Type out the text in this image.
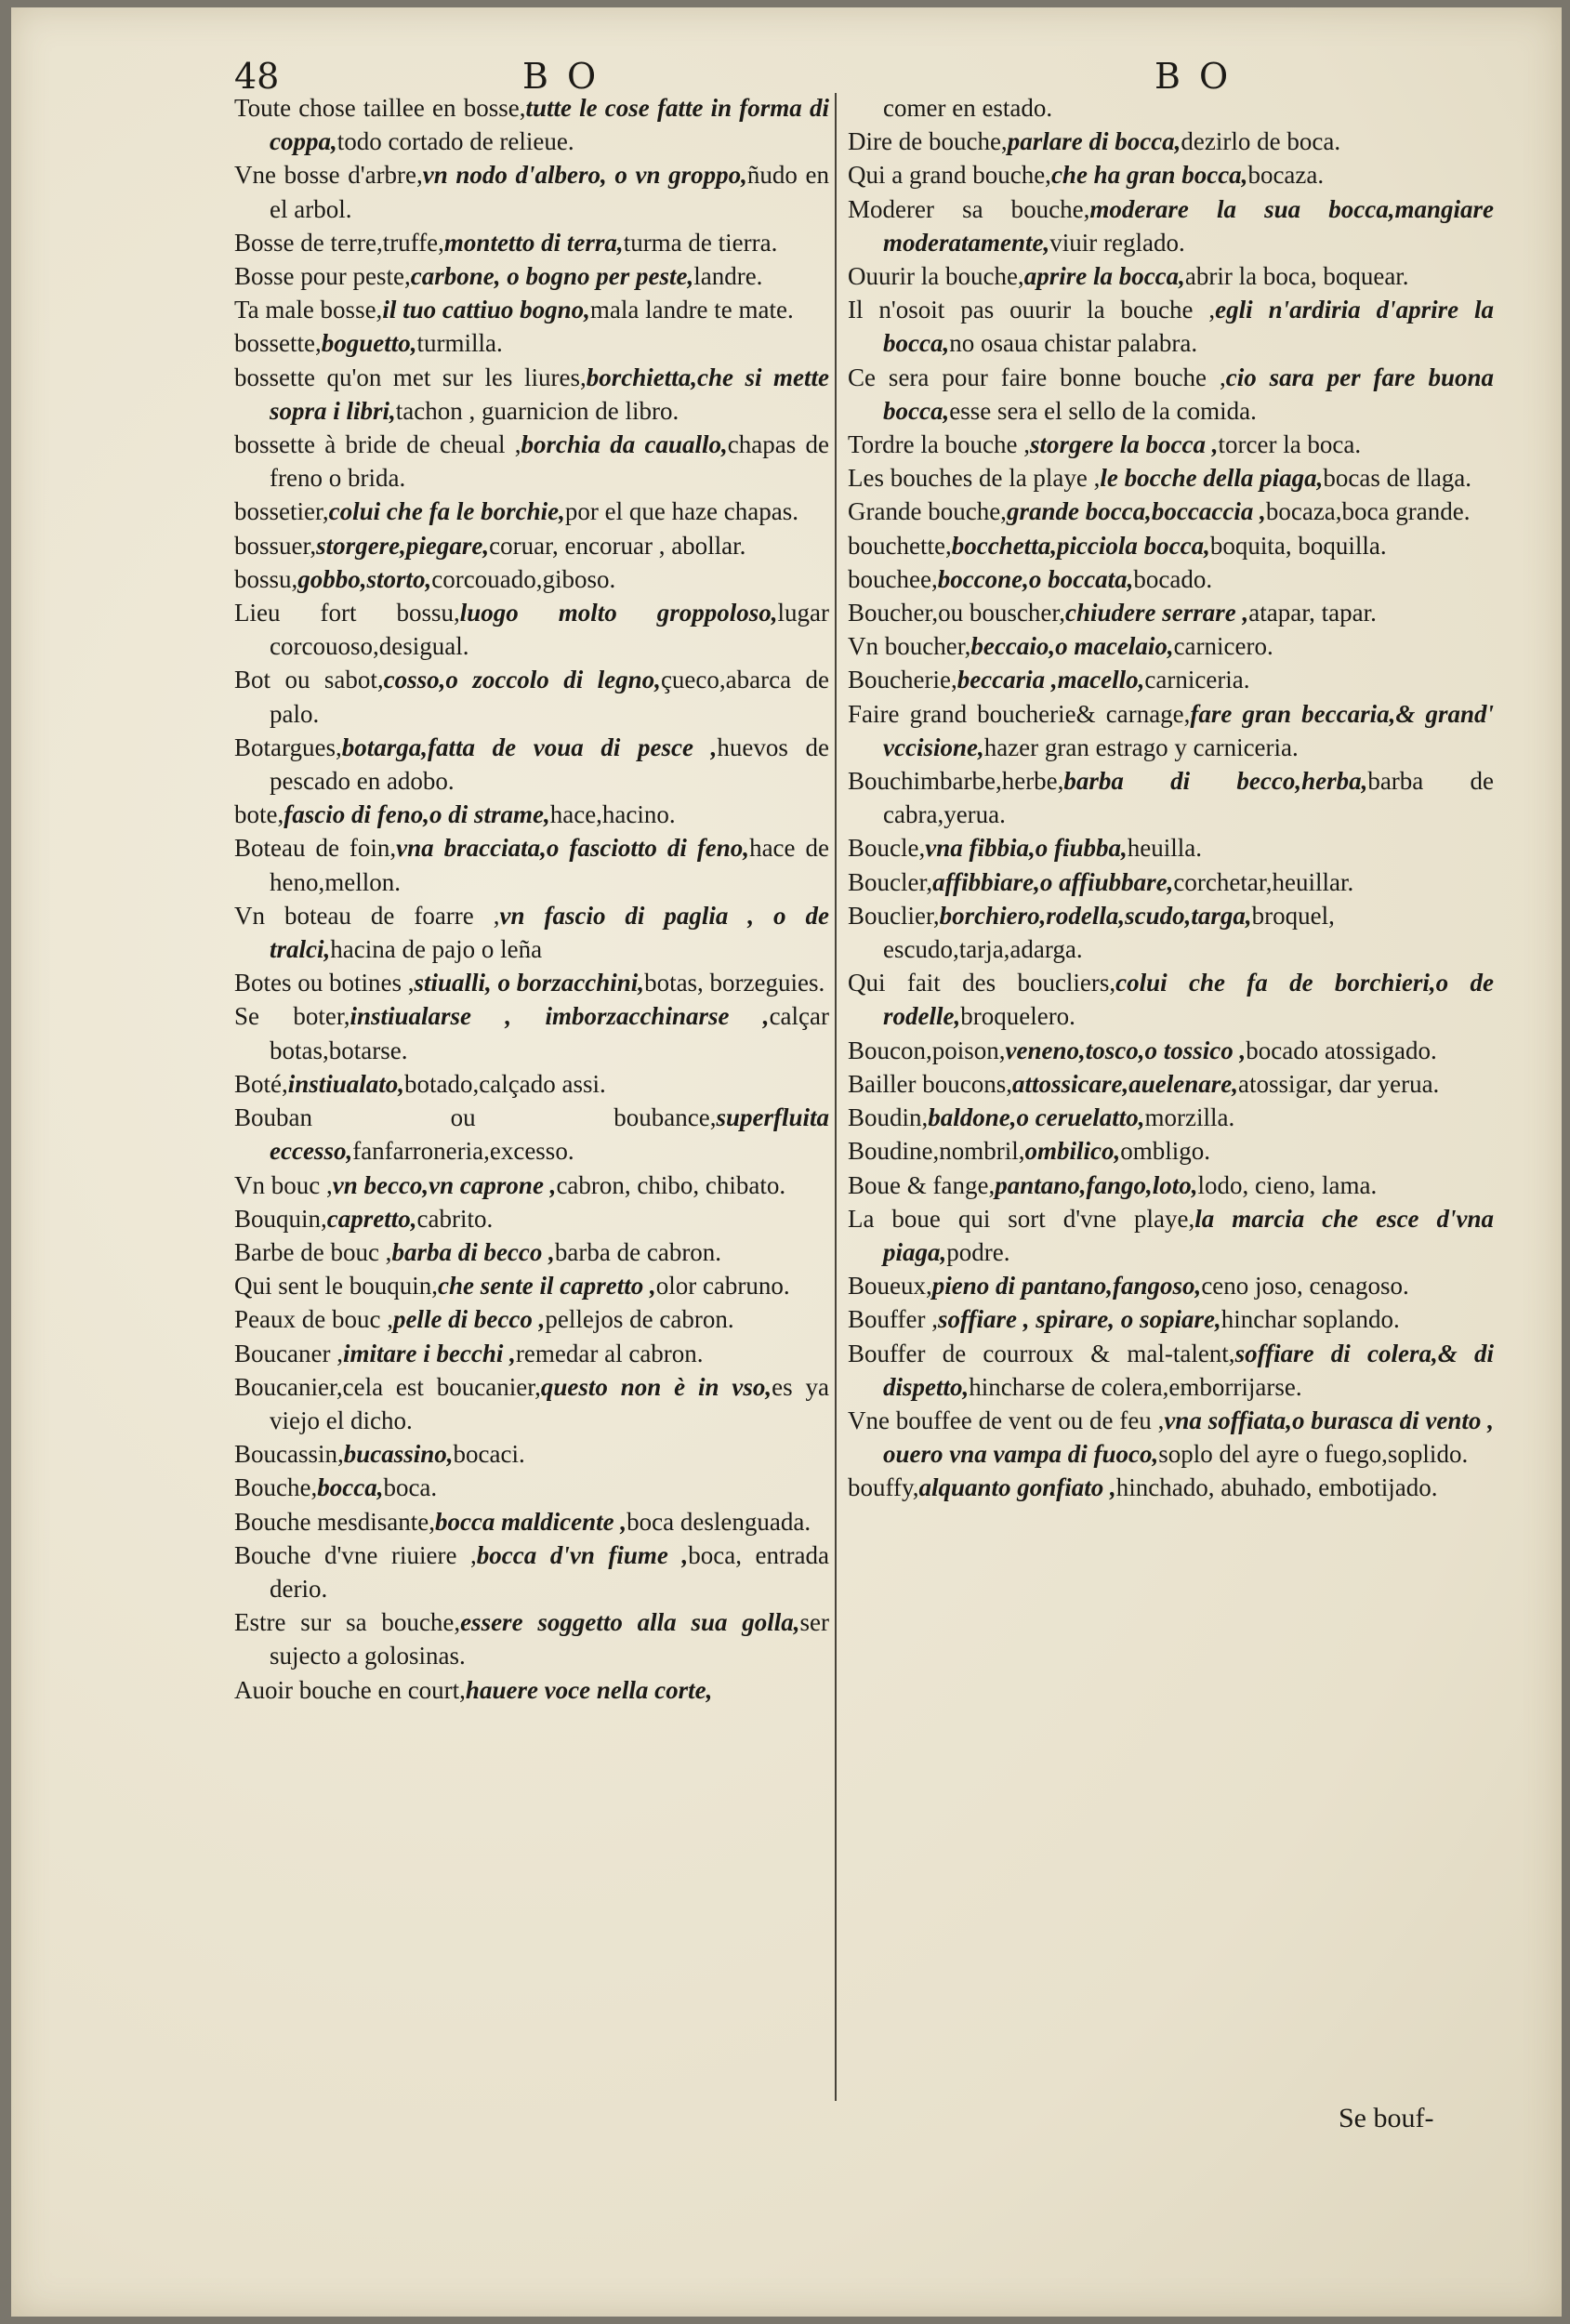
48	B O	B O

Toute chose taillee en bosse,tutte le cose fatte in forma di coppa,todo cortado de relieue.

Vne bosse d'arbre,vn nodo d'albero, o vn groppo,ñudo en el arbol.

Bosse de terre,truffe,montetto di terra,turma de tierra.

Bosse pour peste,carbone, o bogno per peste,landre.

Ta male bosse,il tuo cattiuo bogno,mala landre te mate.

bossette,boguetto,turmilla.

bossette qu'on met sur les liures,borchietta,che si mette sopra i libri,tachon , guarnicion de libro.

bossette à bride de cheual ,borchia da cauallo,chapas de freno o brida.

bossetier,colui che fa le borchie,por el que haze chapas.

bossuer,storgere,piegare,coruar, encoruar , abollar.

bossu,gobbo,storto,corcouado,giboso.

Lieu fort bossu,luogo molto groppoloso,lugar corcouoso,desigual.

Bot ou sabot,cosso,o zoccolo di legno,çueco,abarca de palo.

Botargues,botarga,fatta de voua di pesce ,huevos de pescado en adobo.

bote,fascio di feno,o di strame,hace,hacino.

Boteau de foin,vna bracciata,o fasciotto di feno,hace de heno,mellon.

Vn boteau de foarre ,vn fascio di paglia , o de tralci,hacina de pajo o leña

Botes ou botines ,stiualli, o borzacchini,botas, borzeguies.

Se boter,instiualarse , imborzacchinarse ,calçar botas,botarse.

Boté,instiualato,botado,calçado assi.

Bouban ou boubance,superfluita eccesso,fanfarroneria,excesso.

Vn bouc ,vn becco,vn caprone ,cabron, chibo, chibato.

Bouquin,capretto,cabrito.

Barbe de bouc ,barba di becco ,barba de cabron.

Qui sent le bouquin,che sente il capretto ,olor cabruno.

Peaux de bouc ,pelle di becco ,pellejos de cabron.

Boucaner ,imitare i becchi ,remedar al cabron.

Boucanier,cela est boucanier,questo non è in vso,es ya viejo el dicho.

Boucassin,bucassino,bocaci.

Bouche,bocca,boca.

Bouche mesdisante,bocca maldicente ,boca deslenguada.

Bouche d'vne riuiere ,bocca d'vn fiume ,boca, entrada derio.

Estre sur sa bouche,essere soggetto alla sua golla,ser sujecto a golosinas.

Auoir bouche en court,hauere voce nella corte,

comer en estado.

Dire de bouche,parlare di bocca,dezirlo de boca.

Qui a grand bouche,che ha gran bocca,bocaza.

Moderer sa bouche,moderare la sua bocca,mangiare moderatamente,viuir reglado.

Ouurir la bouche,aprire la bocca,abrir la boca, boquear.

Il n'osoit pas ouurir la bouche ,egli n'ardiria d'aprire la bocca,no osaua chistar palabra.

Ce sera pour faire bonne bouche ,cio sara per fare buona bocca,esse sera el sello de la comida.

Tordre la bouche ,storgere la bocca ,torcer la boca.

Les bouches de la playe ,le bocche della piaga,bocas de llaga.

Grande bouche,grande bocca,boccaccia ,bocaza,boca grande.

bouchette,bocchetta,picciola bocca,boquita, boquilla.

bouchee,boccone,o boccata,bocado.

Boucher,ou bouscher,chiudere serrare ,atapar, tapar.

Vn boucher,beccaio,o macelaio,carnicero.

Boucherie,beccaria ,macello,carniceria.

Faire grand boucherie& carnage,fare gran beccaria,& grand' vccisione,hazer gran estrago y carniceria.

Bouchimbarbe,herbe,barba di becco,herba,barba de cabra,yerua.

Boucle,vna fibbia,o fiubba,heuilla.

Boucler,affibbiare,o affiubbare,corchetar,heuillar.

Bouclier,borchiero,rodella,scudo,targa,broquel, escudo,tarja,adarga.

Qui fait des boucliers,colui che fa de borchieri,o de rodelle,broquelero.

Boucon,poison,veneno,tosco,o tossico ,bocado atossigado.

Bailler boucons,attossicare,auelenare,atossigar, dar yerua.

Boudin,baldone,o ceruelatto,morzilla.

Boudine,nombril,ombilico,ombligo.

Boue & fange,pantano,fango,loto,lodo, cieno, lama.

La boue qui sort d'vne playe,la marcia che esce d'vna piaga,podre.

Boueux,pieno di pantano,fangoso,ceno joso, cenagoso.

Bouffer ,soffiare , spirare, o sopiare,hinchar soplando.

Bouffer de courroux & mal-talent,soffiare di colera,& di dispetto,hincharse de colera,emborrijarse.

Vne bouffee de vent ou de feu ,vna soffiata,o burasca di vento , ouero vna vampa di fuoco,soplo del ayre o fuego,soplido.

bouffy,alquanto gonfiato ,hinchado, abuhado, embotijado.

Se bouf-
